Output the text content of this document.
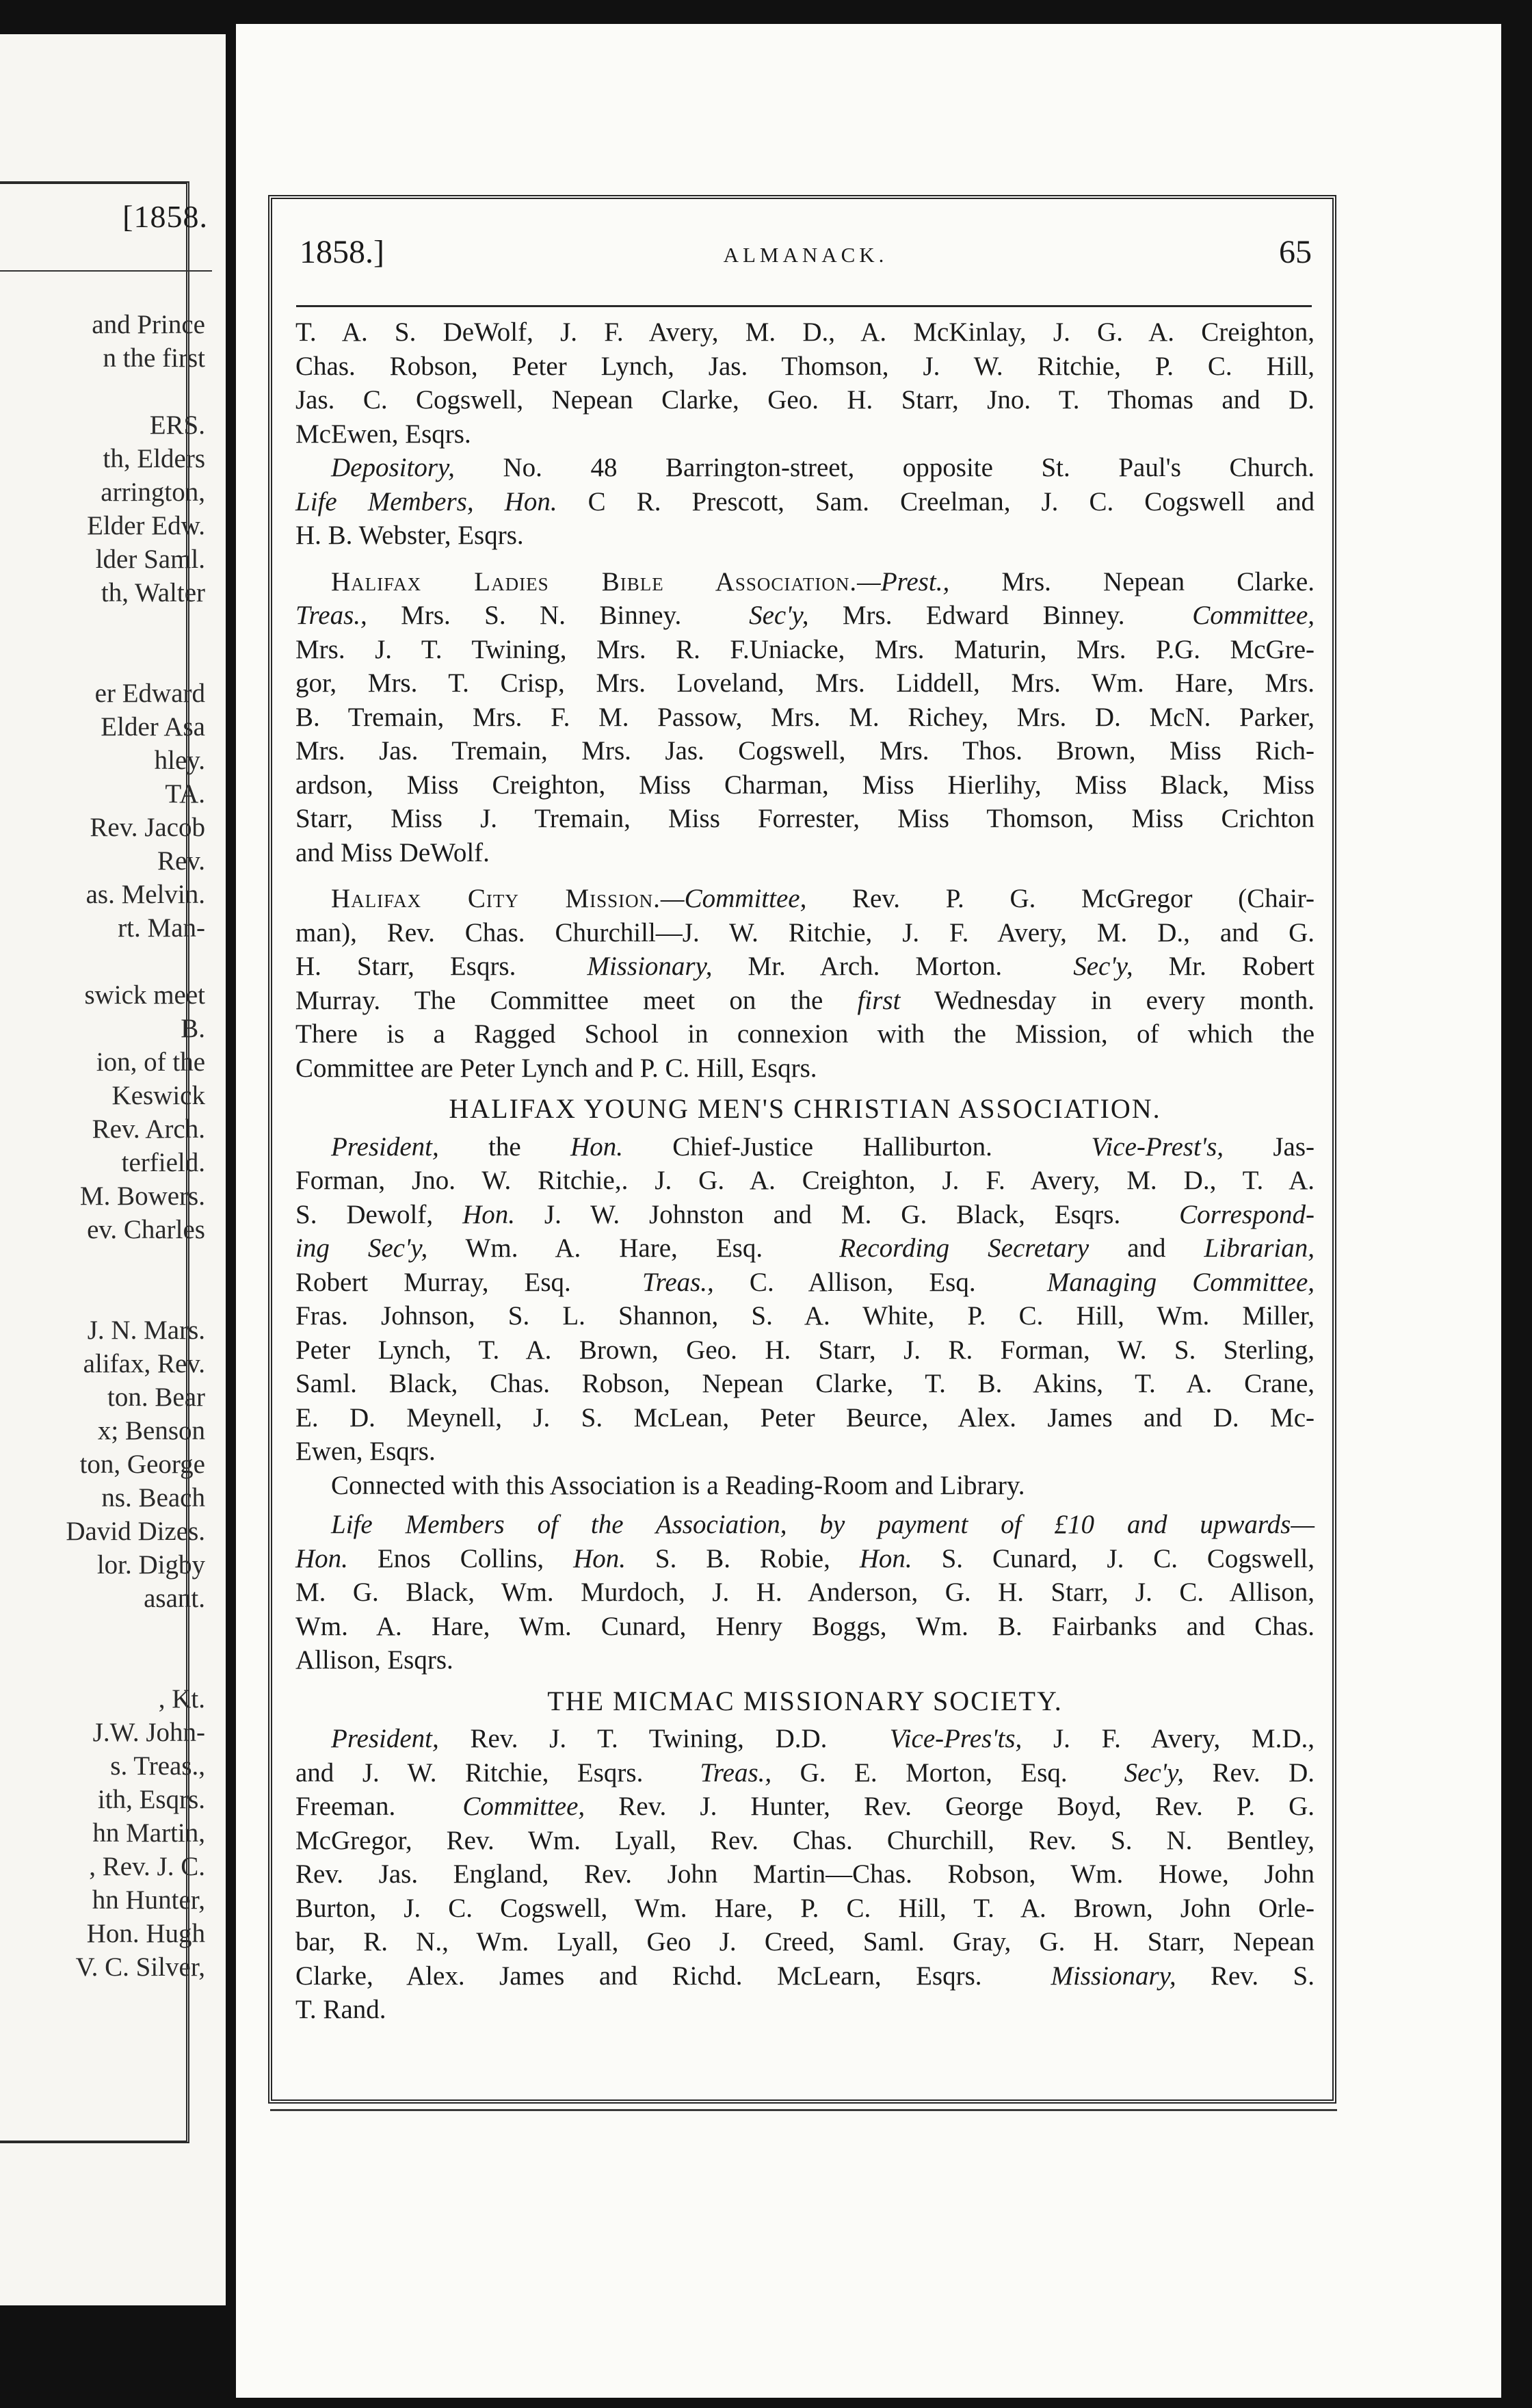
[1858.
and Prince
n the first
ERS.
th, Elders
arrington,
Elder Edw.
lder Saml.
th, Walter
er Edward
Elder Asa
hley.
TA.
Rev. Jacob
Rev.
as. Melvin.
rt. Man-
swick meet
B.
ion, of the
Keswick
Rev. Arch.
terfield.
M. Bowers.
ev. Charles
J. N. Mars.
alifax, Rev.
ton. Bear
x; Benson
ton, George
ns. Beach
David Dizes.
lor. Digby
asant.
, Kt.
J.W. John-
s. Treas.,
ith, Esqrs.
hn Martin,
, Rev. J. C.
hn Hunter,
Hon. Hugh
V. C. Silver,
1858.]	ALMANACK.	65
T. A. S. DeWolf, J. F. Avery, M. D., A. McKinlay, J. G. A. Creighton,
Chas. Robson, Peter Lynch, Jas. Thomson, J. W. Ritchie, P. C. Hill,
Jas. C. Cogswell, Nepean Clarke, Geo. H. Starr, Jno. T. Thomas and D.
McEwen, Esqrs.
Depository, No. 48 Barrington-street, opposite St. Paul's Church.
Life Members, Hon. C R. Prescott, Sam. Creelman, J. C. Cogswell and
H. B. Webster, Esqrs.
Halifax Ladies Bible Association.—Prest., Mrs. Nepean Clarke.
Treas., Mrs. S. N. Binney.	Sec'y, Mrs. Edward Binney.	Committee,
Mrs. J. T. Twining, Mrs. R. F.Uniacke, Mrs. Maturin, Mrs. P.G. McGre-
gor, Mrs. T. Crisp, Mrs. Loveland, Mrs. Liddell, Mrs. Wm. Hare, Mrs.
B. Tremain, Mrs. F. M. Passow, Mrs. M. Richey, Mrs. D. McN. Parker,
Mrs. Jas. Tremain, Mrs. Jas. Cogswell, Mrs. Thos. Brown, Miss Rich-
ardson, Miss Creighton, Miss Charman, Miss Hierlihy, Miss Black, Miss
Starr, Miss J. Tremain, Miss Forrester, Miss Thomson, Miss Crichton
and Miss DeWolf.
Halifax City Mission.—Committee, Rev. P. G. McGregor (Chair-
man), Rev. Chas. Churchill—J. W. Ritchie, J. F. Avery, M. D., and G.
H. Starr, Esqrs.	Missionary, Mr. Arch. Morton.	Sec'y, Mr. Robert
Murray. The Committee meet on the first Wednesday in every month.
There is a Ragged School in connexion with the Mission, of which the
Committee are Peter Lynch and P. C. Hill, Esqrs.
HALIFAX YOUNG MEN'S CHRISTIAN ASSOCIATION.
President, the Hon. Chief-Justice Halliburton.	Vice-Prest's, Jas-
Forman, Jno. W. Ritchie,. J. G. A. Creighton, J. F. Avery, M. D., T. A.
S. Dewolf, Hon. J. W. Johnston and M. G. Black, Esqrs. Correspond-
ing Sec'y, Wm. A. Hare, Esq.	Recording Secretary and Librarian,
Robert Murray, Esq.	Treas., C. Allison, Esq.	Managing Committee,
Fras. Johnson, S. L. Shannon, S. A. White, P. C. Hill, Wm. Miller,
Peter Lynch, T. A. Brown, Geo. H. Starr, J. R. Forman, W. S. Sterling,
Saml. Black, Chas. Robson, Nepean Clarke, T. B. Akins, T. A. Crane,
E. D. Meynell, J. S. McLean, Peter Beurce, Alex. James and D. Mc-
Ewen, Esqrs.
Connected with this Association is a Reading-Room and Library.
Life Members of the Association, by payment of £10 and upwards—
Hon. Enos Collins, Hon. S. B. Robie, Hon. S. Cunard, J. C. Cogswell,
M. G. Black, Wm. Murdoch, J. H. Anderson, G. H. Starr, J. C. Allison,
Wm. A. Hare, Wm. Cunard, Henry Boggs, Wm. B. Fairbanks and Chas.
Allison, Esqrs.
THE MICMAC MISSIONARY SOCIETY.
President, Rev. J. T. Twining, D.D. Vice-Pres'ts, J. F. Avery, M.D.,
and J. W. Ritchie, Esqrs. Treas., G. E. Morton, Esq. Sec'y, Rev. D.
Freeman.	Committee, Rev. J. Hunter, Rev. George Boyd, Rev. P. G.
McGregor, Rev. Wm. Lyall, Rev. Chas. Churchill, Rev. S. N. Bentley,
Rev. Jas. England, Rev. John Martin—Chas. Robson, Wm. Howe, John
Burton, J. C. Cogswell, Wm. Hare, P. C. Hill, T. A. Brown, John Orle-
bar, R. N., Wm. Lyall, Geo J. Creed, Saml. Gray, G. H. Starr, Nepean
Clarke, Alex. James and Richd. McLearn, Esqrs.	Missionary, Rev. S.
T. Rand.
